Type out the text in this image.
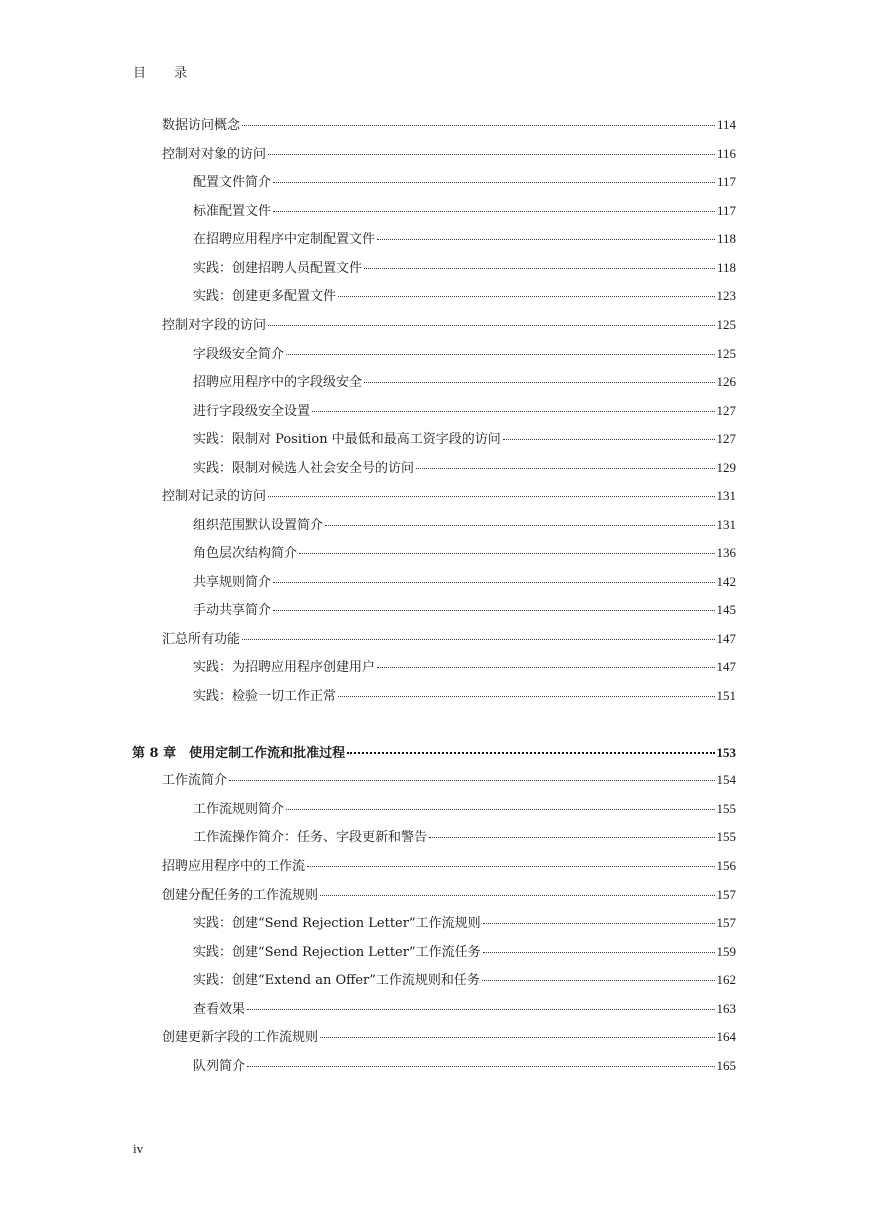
目 录
数据访问概念	114
控制对对象的访问	116
配置文件简介	117
标准配置文件	117
在招聘应用程序中定制配置文件	118
实践：创建招聘人员配置文件	118
实践：创建更多配置文件	123
控制对字段的访问	125
字段级安全简介	125
招聘应用程序中的字段级安全	126
进行字段级安全设置	127
实践：限制对 Position 中最低和最高工资字段的访问	127
实践：限制对候选人社会安全号的访问	129
控制对记录的访问	131
组织范围默认设置简介	131
角色层次结构简介	136
共享规则简介	142
手动共享简介	145
汇总所有功能	147
实践：为招聘应用程序创建用户	147
实践：检验一切工作正常	151
第 8 章　使用定制工作流和批准过程	153
工作流简介	154
工作流规则简介	155
工作流操作简介：任务、字段更新和警告	155
招聘应用程序中的工作流	156
创建分配任务的工作流规则	157
实践：创建“Send Rejection Letter”工作流规则	157
实践：创建“Send Rejection Letter”工作流任务	159
实践：创建“Extend an Offer”工作流规则和任务	162
查看效果	163
创建更新字段的工作流规则	164
队列简介	165
iv
